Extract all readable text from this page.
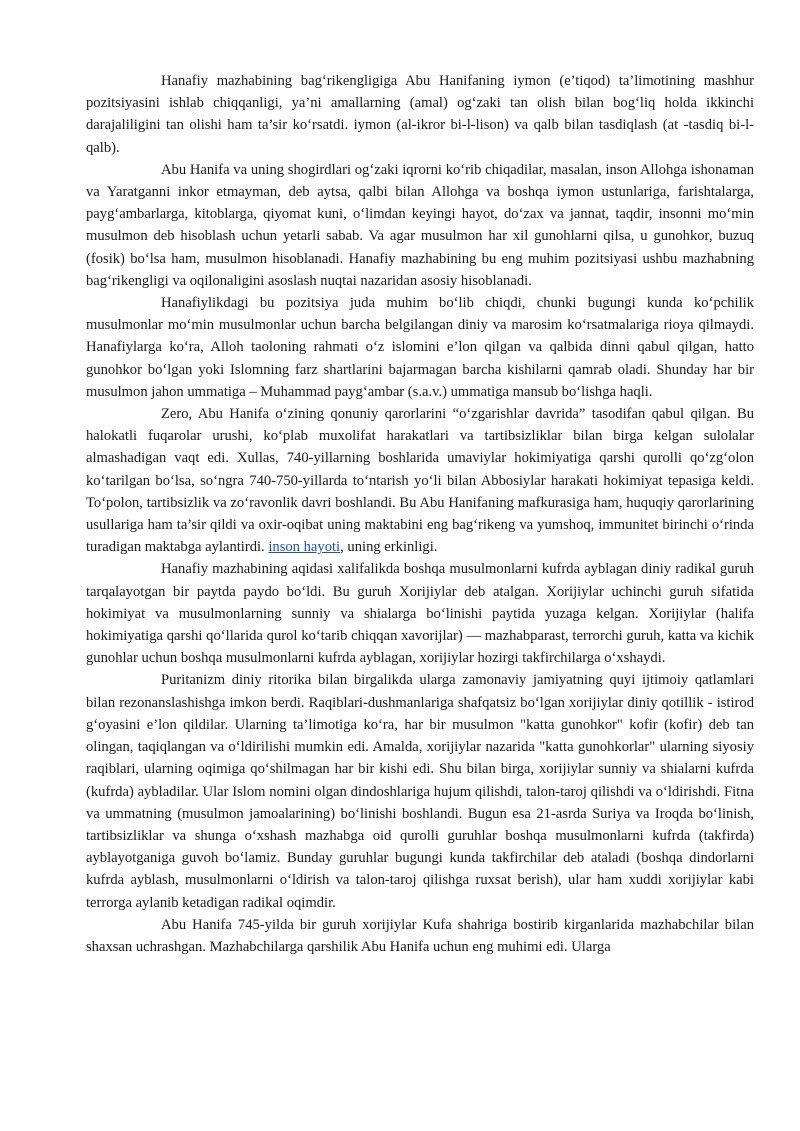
Hanafiy mazhabining bag‘rikengligiga Abu Hanifaning iymon (e’tiqod) ta’limotining mashhur pozitsiyasini ishlab chiqqanligi, ya’ni amallarning (amal) og‘zaki tan olish bilan bog‘liq holda ikkinchi darajaliligini tan olishi ham ta’sir ko‘rsatdi. iymon (al-ikror bi-l-lison) va qalb bilan tasdiqlash (at -tasdiq bi-l-qalb).

Abu Hanifa va uning shogirdlari og‘zaki iqrorni ko‘rib chiqadilar, masalan, inson Allohga ishonaman va Yaratganni inkor etmayman, deb aytsa, qalbi bilan Allohga va boshqa iymon ustunlariga, farishtalarga, payg‘ambarlarga, kitoblarga, qiyomat kuni, o‘limdan keyingi hayot, do‘zax va jannat, taqdir, insonni mo‘min musulmon deb hisoblash uchun yetarli sabab. Va agar musulmon har xil gunohlarni qilsa, u gunohkor, buzuq (fosik) bo‘lsa ham, musulmon hisoblanadi. Hanafiy mazhabining bu eng muhim pozitsiyasi ushbu mazhabning bag‘rikengligi va oqilonaligini asoslash nuqtai nazaridan asosiy hisoblanadi.

Hanafiylikdagi bu pozitsiya juda muhim bo‘lib chiqdi, chunki bugungi kunda ko‘pchilik musulmonlar mo‘min musulmonlar uchun barcha belgilangan diniy va marosim ko‘rsatmalariga rioya qilmaydi. Hanafiylarga ko‘ra, Alloh taoloning rahmati o‘z islomini e’lon qilgan va qalbida dinni qabul qilgan, hatto gunohkor bo‘lgan yoki Islomning farz shartlarini bajarmagan barcha kishilarni qamrab oladi. Shunday har bir musulmon jahon ummatiga – Muhammad payg‘ambar (s.a.v.) ummatiga mansub bo‘lishga haqli.

Zero, Abu Hanifa o‘zining qonuniy qarorlarini “o‘zgarishlar davrida” tasodifan qabul qilgan. Bu halokatli fuqarolar urushi, ko‘plab muxolifat harakatlari va tartibsizliklar bilan birga kelgan sulolalar almashadigan vaqt edi. Xullas, 740-yillarning boshlarida umaviylar hokimiyatiga qarshi qurolli qo‘zg‘olon ko‘tarilgan bo‘lsa, so‘ngra 740-750-yillarda to‘ntarish yo‘li bilan Abbosiylar harakati hokimiyat tepasiga keldi. To‘polon, tartibsizlik va zo‘ravonlik davri boshlandi. Bu Abu Hanifaning mafkurasiga ham, huquqiy qarorlarining usullariga ham ta’sir qildi va oxir-oqibat uning maktabini eng bag‘rikeng va yumshoq, immunitet birinchi o‘rinda turadigan maktabga aylantirdi. inson hayoti, uning erkinligi.

Hanafiy mazhabining aqidasi xalifalikda boshqa musulmonlarni kufrda ayblagan diniy radikal guruh tarqalayotgan bir paytda paydo bo‘ldi. Bu guruh Xorijiylar deb atalgan. Xorijiylar uchinchi guruh sifatida hokimiyat va musulmonlarning sunniy va shialarga bo‘linishi paytida yuzaga kelgan. Xorijiylar (halifa hokimiyatiga qarshi qo‘llarida qurol ko‘tarib chiqqan xavorijlar) — mazhabparast, terrorchi guruh, katta va kichik gunohlar uchun boshqa musulmonlarni kufrda ayblagan, xorijiylar hozirgi takfirchilarga o‘xshaydi.

Puritanizm diniy ritorika bilan birgalikda ularga zamonaviy jamiyatning quyi ijtimoiy qatlamlari bilan rezonanslashishga imkon berdi. Raqiblari-dushmanlariga shafqatsiz bo‘lgan xorijiylar diniy qotillik - istirod g‘oyasini e’lon qildilar. Ularning ta’limotiga ko‘ra, har bir musulmon "katta gunohkor" kofir (kofir) deb tan olingan, taqiqlangan va o‘ldirilishi mumkin edi. Amalda, xorijiylar nazarida "katta gunohkorlar" ularning siyosiy raqiblari, ularning oqimiga qo‘shilmagan har bir kishi edi. Shu bilan birga, xorijiylar sunniy va shialarni kufrda (kufrda) aybladilar. Ular Islom nomini olgan dindoshlariga hujum qilishdi, talon-taroj qilishdi va o‘ldirishdi. Fitna va ummatning (musulmon jamoalarining) bo‘linishi boshlandi. Bugun esa 21-asrda Suriya va Iroqda bo‘linish, tartibsizliklar va shunga o‘xshash mazhabga oid qurolli guruhlar boshqa musulmonlarni kufrda (takfirda) ayblayotganiga guvoh bo‘lamiz. Bunday guruhlar bugungi kunda takfirchilar deb ataladi (boshqa dindorlarni kufrda ayblash, musulmonlarni o‘ldirish va talon-taroj qilishga ruxsat berish), ular ham xuddi xorijiylar kabi terrorga aylanib ketadigan radikal oqimdir.

Abu Hanifa 745-yilda bir guruh xorijiylar Kufa shahriga bostirib kirganlarida mazhabchilar bilan shaxsan uchrashgan. Mazhabchilarga qarshilik Abu Hanifa uchun eng muhimi edi. Ularga
